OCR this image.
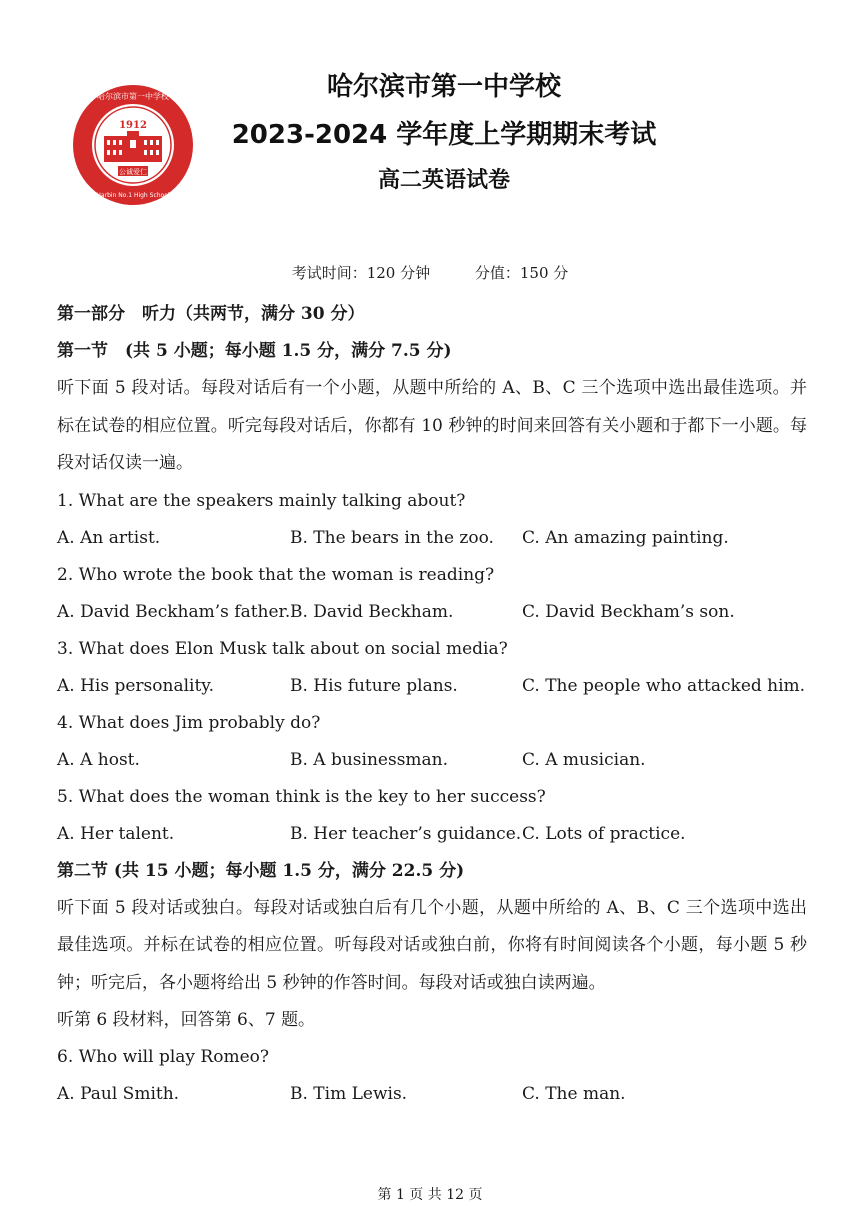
1912
公诚爱仁
哈尔滨市第一中学校
Harbin No.1 High School
哈尔滨市第一中学校
2023-2024 学年度上学期期末考试
高二英语试卷
考试时间：120 分钟	分值：150 分
第一部分　听力（共两节，满分 30 分）
第一节　(共 5 小题；每小题 1.5 分，满分 7.5 分)
听下面 5 段对话。每段对话后有一个小题，从题中所给的 A、B、C 三个选项中选出最佳选项。并标在试卷的相应位置。听完每段对话后，你都有 10 秒钟的时间来回答有关小题和于都下一小题。每段对话仅读一遍。
1. What are the speakers mainly talking about?
A. An artist.	B. The bears in the zoo. C. An amazing painting.
2. Who wrote the book that the woman is reading?
A. David Beckham’s father. B. David Beckham.	C. David Beckham’s son.
3. What does Elon Musk talk about on social media?
A. His personality.	B. His future plans.	C. The people who attacked him.
4. What does Jim probably do?
A. A host.	B. A businessman.	C. A musician.
5. What does the woman think is the key to her success?
A. Her talent.	B. Her teacher’s guidance. C. Lots of practice.
第二节 (共 15 小题；每小题 1.5 分，满分 22.5 分)
听下面 5 段对话或独白。每段对话或独白后有几个小题，从题中所给的 A、B、C 三个选项中选出最佳选项。并标在试卷的相应位置。听每段对话或独白前，你将有时间阅读各个小题，每小题 5 秒钟；听完后，各小题将给出 5 秒钟的作答时间。每段对话或独白读两遍。
听第 6 段材料，回答第 6、7 题。
6. Who will play Romeo?
A. Paul Smith.	B. Tim Lewis.	C. The man.
第 1 页 共 12 页
